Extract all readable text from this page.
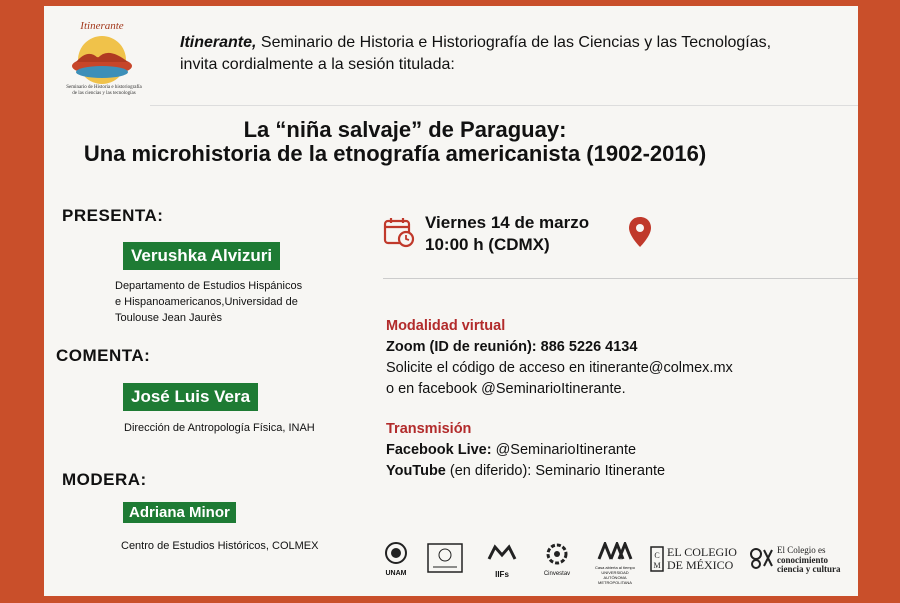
Itinerante
Seminario de Historia e historiografía de las ciencias y las tecnologías
Itinerante, Seminario de Historia e Historiografía de las Ciencias y las Tecnologías,
invita cordialmente a la sesión titulada:
La “niña salvaje” de Paraguay:
Una microhistoria de la etnografía americanista (1902-2016)
PRESENTA:
Verushka Alvizuri
Departamento de Estudios Hispánicos
e Hispanoamericanos,Universidad de
Toulouse Jean Jaurès
COMENTA:
José Luis Vera
Dirección de Antropología Física, INAH
MODERA:
Adriana Minor
Centro de Estudios Históricos, COLMEX
Viernes 14 de marzo
10:00 h (CDMX)
Modalidad virtual
Zoom (ID de reunión): 886 5226 4134
Solicite el código de acceso en itinerante@colmex.mx
o en facebook @SeminarioItinerante.
Transmisión
Facebook Live: @SeminarioItinerante
YouTube (en diferido): Seminario Itinerante
UNAM	IIFs	Cinvestav
Casa abierta al tiempo UNIVERSIDAD AUTÓNOMA METROPOLITANA
C
M
EL COLEGIO
DE MÉXICO
El Colegio es
conocimiento
ciencia y cultura
